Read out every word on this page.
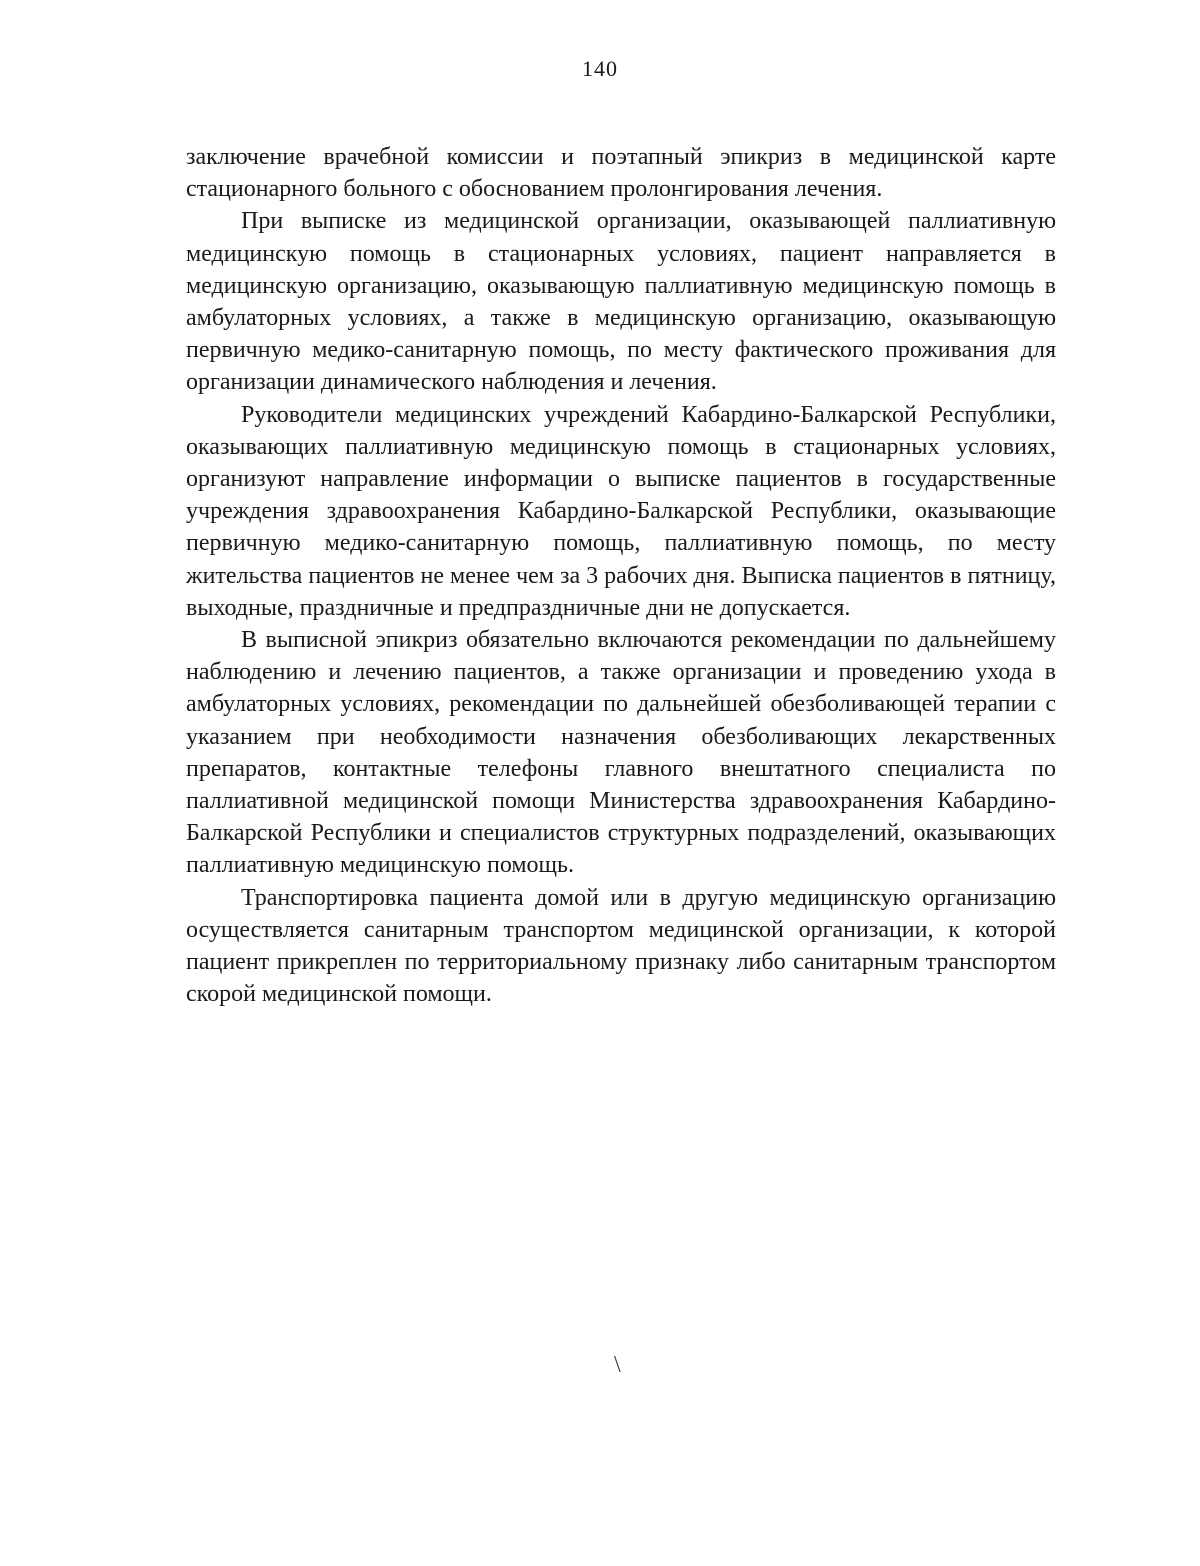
140

заключение врачебной комиссии и поэтапный эпикриз в медицинской карте стационарного больного с обоснованием пролонгирования лечения.

При выписке из медицинской организации, оказывающей паллиативную медицинскую помощь в стационарных условиях, пациент направляется в медицинскую организацию, оказывающую паллиативную медицинскую помощь в амбулаторных условиях, а также в медицинскую организацию, оказывающую первичную медико-санитарную помощь, по месту фактического проживания для организации динамического наблюдения и лечения.

Руководители медицинских учреждений Кабардино-Балкарской Республики, оказывающих паллиативную медицинскую помощь в стационарных условиях, организуют направление информации о выписке пациентов в государственные учреждения здравоохранения Кабардино-Балкарской Республики, оказывающие первичную медико-санитарную помощь, паллиативную помощь, по месту жительства пациентов не менее чем за 3 рабочих дня. Выписка пациентов в пятницу, выходные, праздничные и предпраздничные дни не допускается.

В выписной эпикриз обязательно включаются рекомендации по дальнейшему наблюдению и лечению пациентов, а также организации и проведению ухода в амбулаторных условиях, рекомендации по дальнейшей обезболивающей терапии с указанием при необходимости назначения обезболивающих лекарственных препаратов, контактные телефоны главного внештатного специалиста по паллиативной медицинской помощи Министерства здравоохранения Кабардино-Балкарской Республики и специалистов структурных подразделений, оказывающих паллиативную медицинскую помощь.

Транспортировка пациента домой или в другую медицинскую организацию осуществляется санитарным транспортом медицинской организации, к которой пациент прикреплен по территориальному признаку либо санитарным транспортом скорой медицинской помощи.

\
